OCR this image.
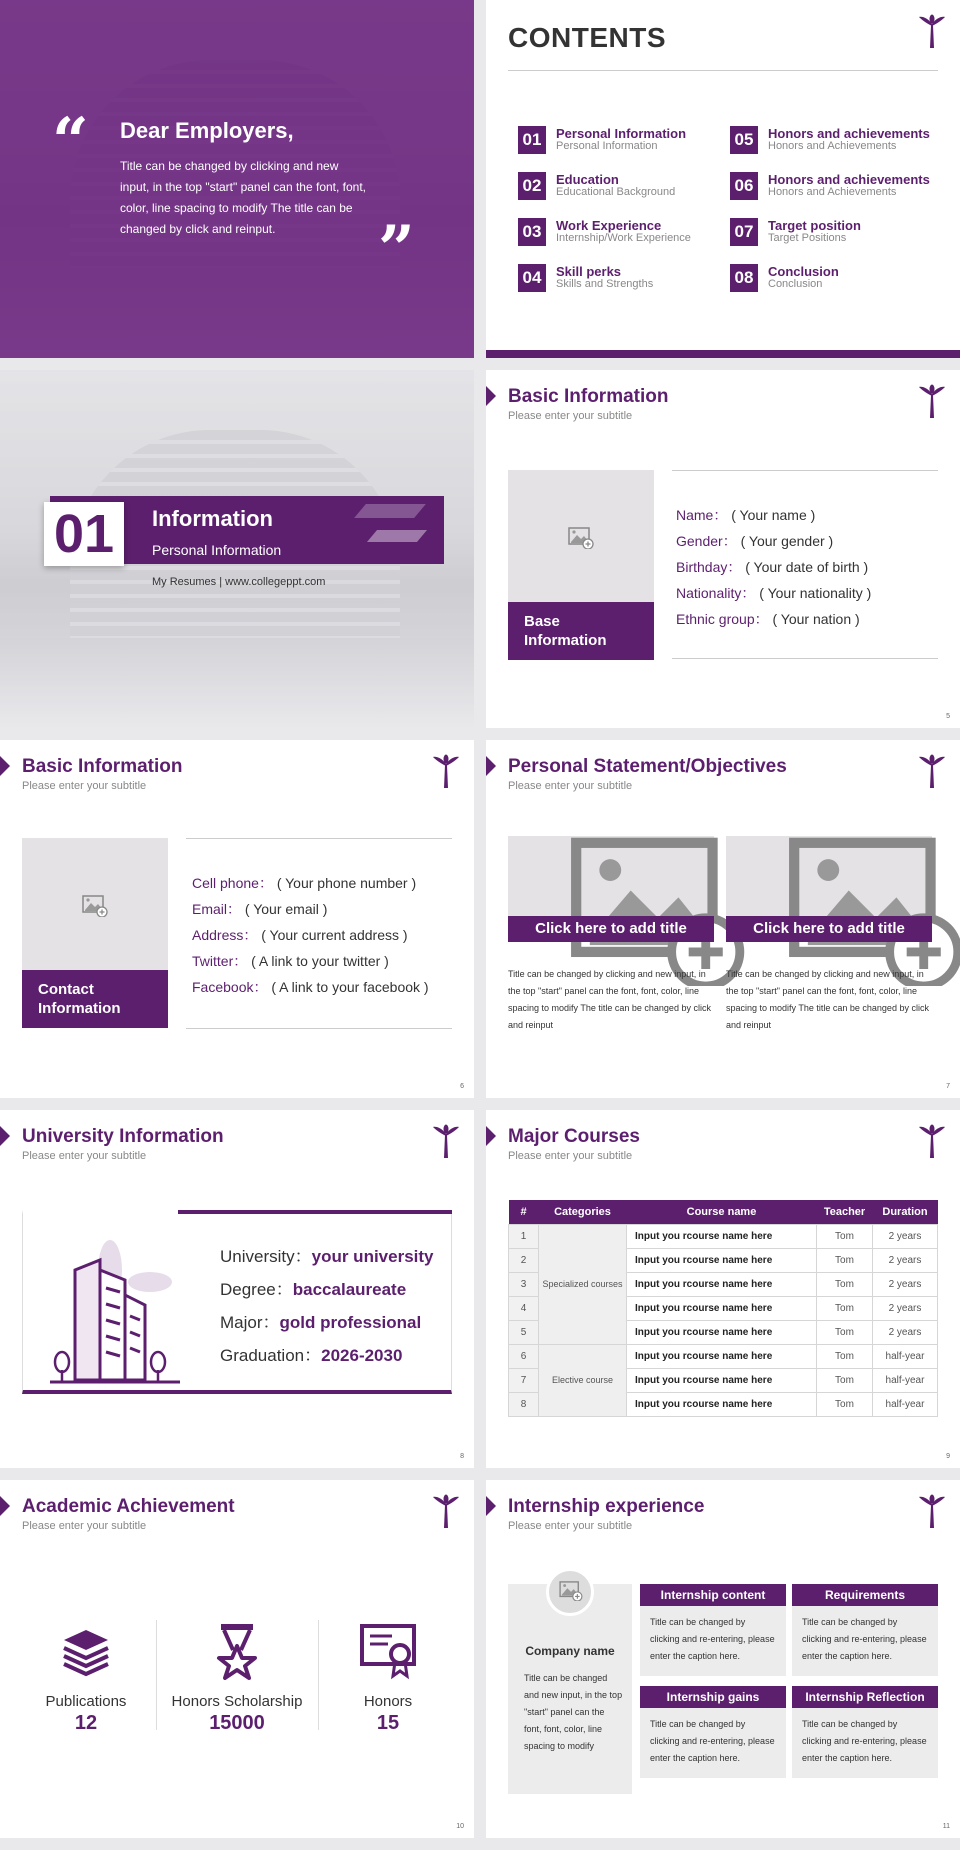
“ Dear Employers,
Title can be changed by clicking and new input, in the top "start" panel can the font, font, color, line spacing to modify The title can be changed by click and reinput.	”
CONTENTS
01	Personal Information
Personal Information
02	Education
Educational Background
03	Work Experience
Internship/Work Experience
04	Skill perks
Skills and Strengths
05	Honors and achievements
Honors and Achievements
06	Honors and achievements
Honors and Achievements
07	Target position
Target Positions
08	Conclusion
Conclusion
01	Information
Personal Information
My Resumes | www.collegeppt.com
Basic Information
Please enter your subtitle
Base Information
Name： ( Your name )
Gender： ( Your gender )
Birthday： ( Your date of birth )
Nationality： ( Your nationality )
Ethnic group： ( Your nation )
5
Basic Information
Please enter your subtitle
Contact Information
Cell phone： ( Your phone number )
Email： ( Your email )
Address： ( Your current address )
Twitter： ( A link to your twitter )
Facebook： ( A link to your facebook )
6
Personal Statement/Objectives
Please enter your subtitle
Click here to add title
Title can be changed by clicking and new input, in the top "start" panel can the font, font, color, line spacing to modify The title can be changed by click and reinput
Click here to add title
Title can be changed by clicking and new input, in the top "start" panel can the font, font, color, line spacing to modify The title can be changed by click and reinput
7
University Information
Please enter your subtitle
University：your university
Degree：baccalaureate
Major：gold professional
Graduation：2026-2030
8
Major Courses
Please enter your subtitle
#	Categories	Course name	Teacher	Duration
1	Specialized courses	Input you rcourse name here	Tom	2 years
2		Input you rcourse name here	Tom	2 years
3		Input you rcourse name here	Tom	2 years
4		Input you rcourse name here	Tom	2 years
5		Input you rcourse name here	Tom	2 years
6	Elective course	Input you rcourse name here	Tom	half-year
7		Input you rcourse name here	Tom	half-year
8		Input you rcourse name here	Tom	half-year
9
Academic Achievement
Please enter your subtitle
Publications
12
Honors Scholarship
15000
Honors
15
10
Internship experience
Please enter your subtitle
Company name
Title can be changed and new input, in the top "start" panel can the font, font, color, line spacing to modify
Internship content
Title can be changed by clicking and re-entering, please enter the caption here.
Requirements
Title can be changed by clicking and re-entering, please enter the caption here.
Internship gains
Title can be changed by clicking and re-entering, please enter the caption here.
Internship Reflection
Title can be changed by clicking and re-entering, please enter the caption here.
11
